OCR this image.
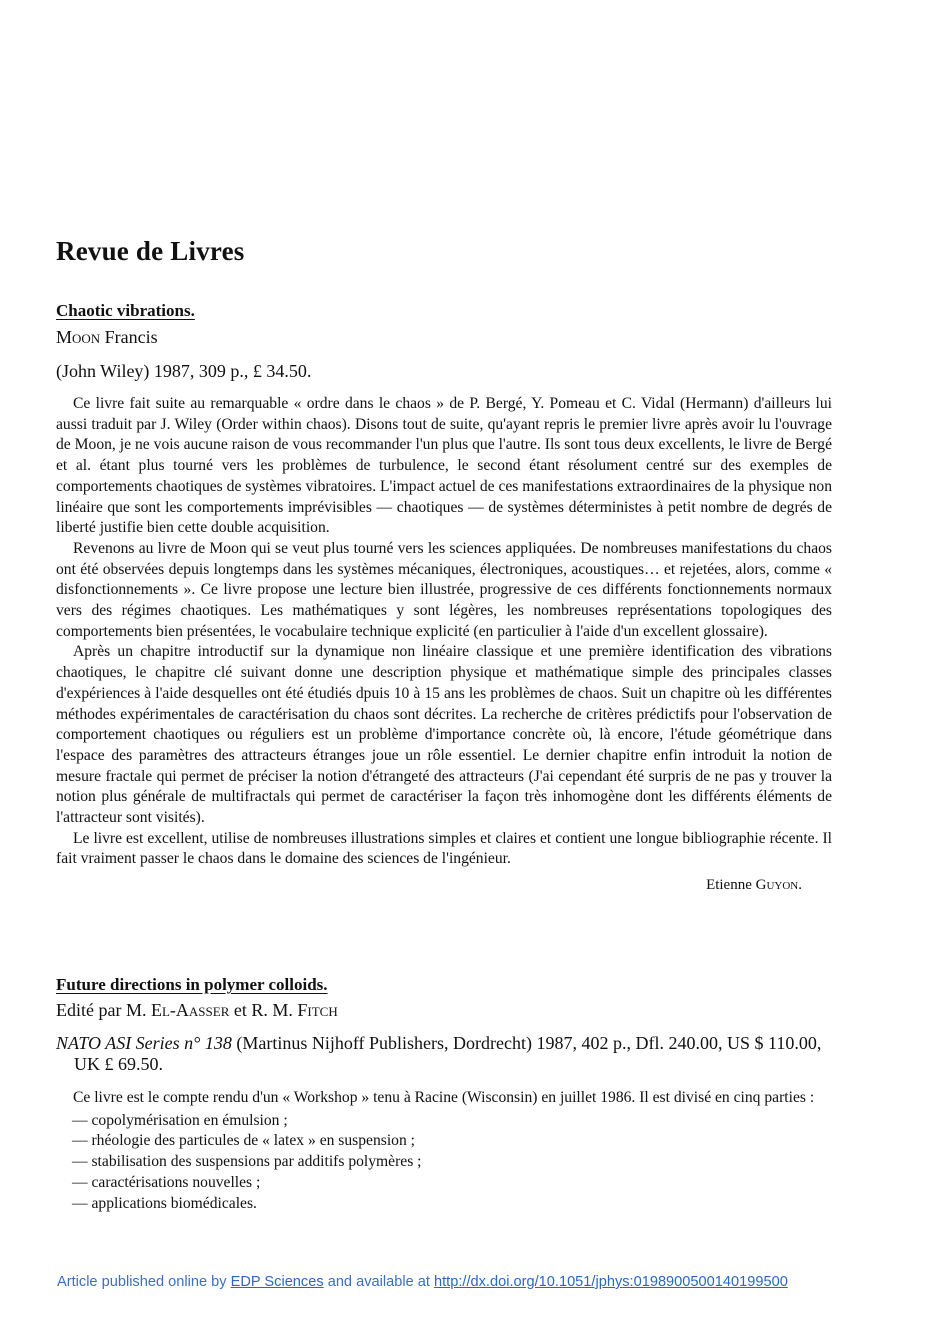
Revue de Livres

Chaotic vibrations.

Moon Francis

(John Wiley) 1987, 309 p., £ 34.50.

Ce livre fait suite au remarquable « ordre dans le chaos » de P. Bergé, Y. Pomeau et C. Vidal (Hermann) d'ailleurs lui aussi traduit par J. Wiley (Order within chaos). Disons tout de suite, qu'ayant repris le premier livre après avoir lu l'ouvrage de Moon, je ne vois aucune raison de vous recommander l'un plus que l'autre. Ils sont tous deux excellents, le livre de Bergé et al. étant plus tourné vers les problèmes de turbulence, le second étant résolument centré sur des exemples de comportements chaotiques de systèmes vibratoires. L'impact actuel de ces manifestations extraordinaires de la physique non linéaire que sont les comportements imprévisibles — chaotiques — de systèmes déterministes à petit nombre de degrés de liberté justifie bien cette double acquisition.

Revenons au livre de Moon qui se veut plus tourné vers les sciences appliquées. De nombreuses manifestations du chaos ont été observées depuis longtemps dans les systèmes mécaniques, électroniques, acoustiques… et rejetées, alors, comme « disfonctionnements ». Ce livre propose une lecture bien illustrée, progressive de ces différents fonctionnements normaux vers des régimes chaotiques. Les mathématiques y sont légères, les nombreuses représentations topologiques des comportements bien présentées, le vocabulaire technique explicité (en particulier à l'aide d'un excellent glossaire).

Après un chapitre introductif sur la dynamique non linéaire classique et une première identification des vibrations chaotiques, le chapitre clé suivant donne une description physique et mathématique simple des principales classes d'expériences à l'aide desquelles ont été étudiés dpuis 10 à 15 ans les problèmes de chaos. Suit un chapitre où les différentes méthodes expérimentales de caractérisation du chaos sont décrites. La recherche de critères prédictifs pour l'observation de comportement chaotiques ou réguliers est un problème d'importance concrète où, là encore, l'étude géométrique dans l'espace des paramètres des attracteurs étranges joue un rôle essentiel. Le dernier chapitre enfin introduit la notion de mesure fractale qui permet de préciser la notion d'étrangeté des attracteurs (J'ai cependant été surpris de ne pas y trouver la notion plus générale de multifractals qui permet de caractériser la façon très inhomogène dont les différents éléments de l'attracteur sont visités).

Le livre est excellent, utilise de nombreuses illustrations simples et claires et contient une longue bibliographie récente. Il fait vraiment passer le chaos dans le domaine des sciences de l'ingénieur.

Etienne Guyon.

Future directions in polymer colloids.

Edité par M. El-Aasser et R. M. Fitch

NATO ASI Series n° 138 (Martinus Nijhoff Publishers, Dordrecht) 1987, 402 p., Dfl. 240.00, US $ 110.00, UK £ 69.50.

Ce livre est le compte rendu d'un « Workshop » tenu à Racine (Wisconsin) en juillet 1986. Il est divisé en cinq parties :

— copolymérisation en émulsion ;
— rhéologie des particules de « latex » en suspension ;
— stabilisation des suspensions par additifs polymères ;
— caractérisations nouvelles ;
— applications biomédicales.
Article published online by EDP Sciences and available at http://dx.doi.org/10.1051/jphys:0198900500140199500
